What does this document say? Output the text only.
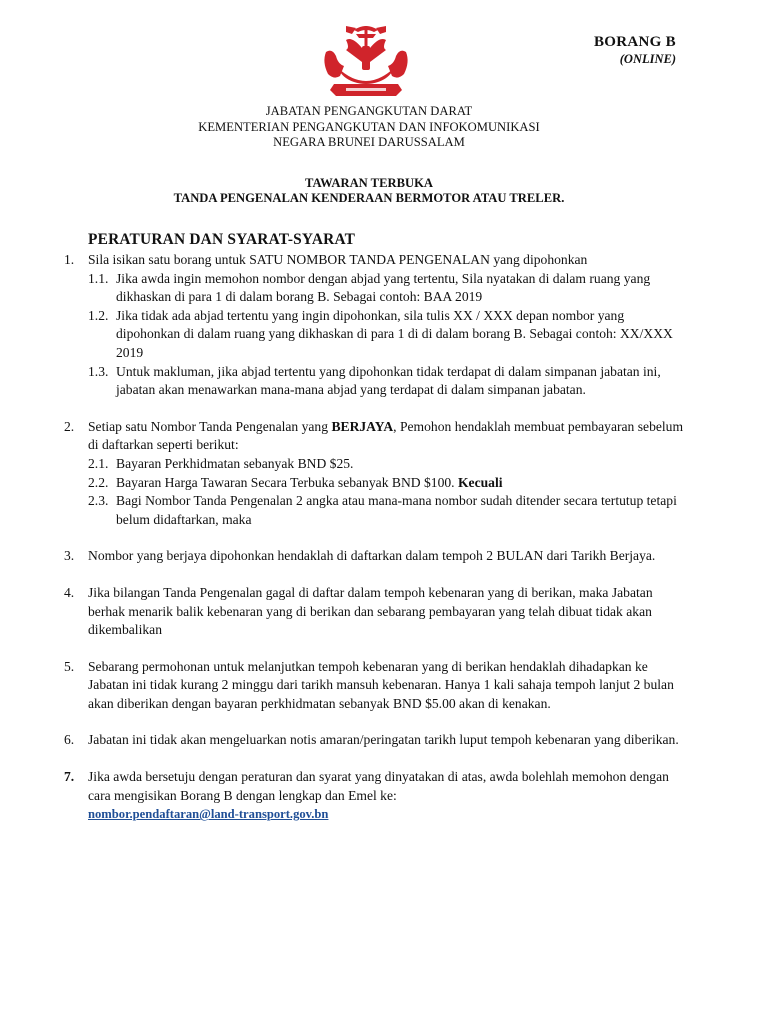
BORANG B
(ONLINE)
JABATAN PENGANGKUTAN DARAT
KEMENTERIAN PENGANGKUTAN DAN INFOKOMUNIKASI
NEGARA BRUNEI DARUSSALAM
TAWARAN TERBUKA
TANDA PENGENALAN KENDERAAN BERMOTOR ATAU TRELER.
PERATURAN DAN SYARAT-SYARAT
1. Sila isikan satu borang untuk SATU NOMBOR TANDA PENGENALAN yang dipohonkan
1.1. Jika awda ingin memohon nombor dengan abjad yang tertentu, Sila nyatakan di dalam ruang yang dikhaskan di para 1 di dalam borang B. Sebagai contoh: BAA 2019
1.2. Jika tidak ada abjad tertentu yang ingin dipohonkan, sila tulis XX / XXX depan nombor yang dipohonkan di dalam ruang yang dikhaskan di para 1 di di dalam borang B. Sebagai contoh: XX/XXX 2019
1.3. Untuk makluman, jika abjad tertentu yang dipohonkan tidak terdapat di dalam simpanan jabatan ini, jabatan akan menawarkan mana-mana abjad yang terdapat di dalam simpanan jabatan.
2. Setiap satu Nombor Tanda Pengenalan yang BERJAYA, Pemohon hendaklah membuat pembayaran sebelum di daftarkan seperti berikut:
2.1. Bayaran Perkhidmatan sebanyak BND $25.
2.2. Bayaran Harga Tawaran Secara Terbuka sebanyak BND $100. Kecuali
2.3. Bagi Nombor Tanda Pengenalan 2 angka atau mana-mana nombor sudah ditender secara tertutup tetapi belum didaftarkan, maka
3. Nombor yang berjaya dipohonkan hendaklah di daftarkan dalam tempoh 2 BULAN dari Tarikh Berjaya.
4. Jika bilangan Tanda Pengenalan gagal di daftar dalam tempoh kebenaran yang di berikan, maka Jabatan berhak menarik balik kebenaran yang di berikan dan sebarang pembayaran yang telah dibuat tidak akan dikembalikan
5. Sebarang permohonan untuk melanjutkan tempoh kebenaran yang di berikan hendaklah dihadapkan ke Jabatan ini tidak kurang 2 minggu dari tarikh mansuh kebenaran. Hanya 1 kali sahaja tempoh lanjut 2 bulan akan diberikan dengan bayaran perkhidmatan sebanyak BND $5.00 akan di kenakan.
6. Jabatan ini tidak akan mengeluarkan notis amaran/peringatan tarikh luput tempoh kebenaran yang diberikan.
7. Jika awda bersetuju dengan peraturan dan syarat yang dinyatakan di atas, awda bolehlah memohon dengan cara mengisikan Borang B dengan lengkap dan Emel ke:
nombor.pendaftaran@land-transport.gov.bn
